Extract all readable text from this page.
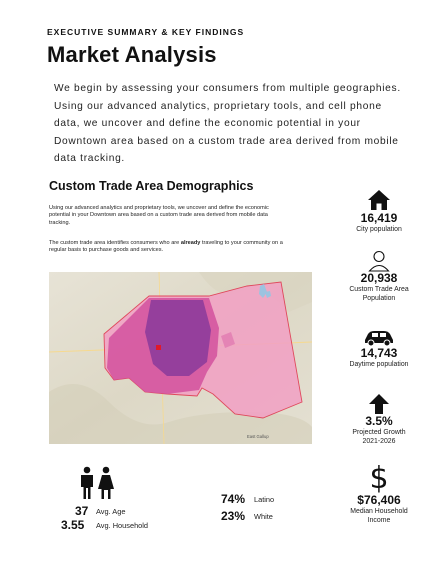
EXECUTIVE SUMMARY & KEY FINDINGS
Market Analysis
We begin by assessing your consumers from multiple geographies. Using our advanced analytics, proprietary tools, and cell phone data, we uncover and define the economic potential in your Downtown area based on a custom trade area derived from mobile data tracking.
Custom Trade Area Demographics
Using our advanced analytics and proprietary tools, we uncover and define the economic potential in your Downtown area based on a custom trade area derived from mobile data tracking.
The custom trade area identifies consumers who are already traveling to your community on a regular basis to purchase goods and services.
East Gallup
16,419
City population
20,938
Custom Trade Area Population
14,743
Daytime population
3.5%
Projected Growth 2021-2026
$
$76,406
Median Household Income
37 Avg. Age
3.55 Avg. Household
74% Latino
23% White
